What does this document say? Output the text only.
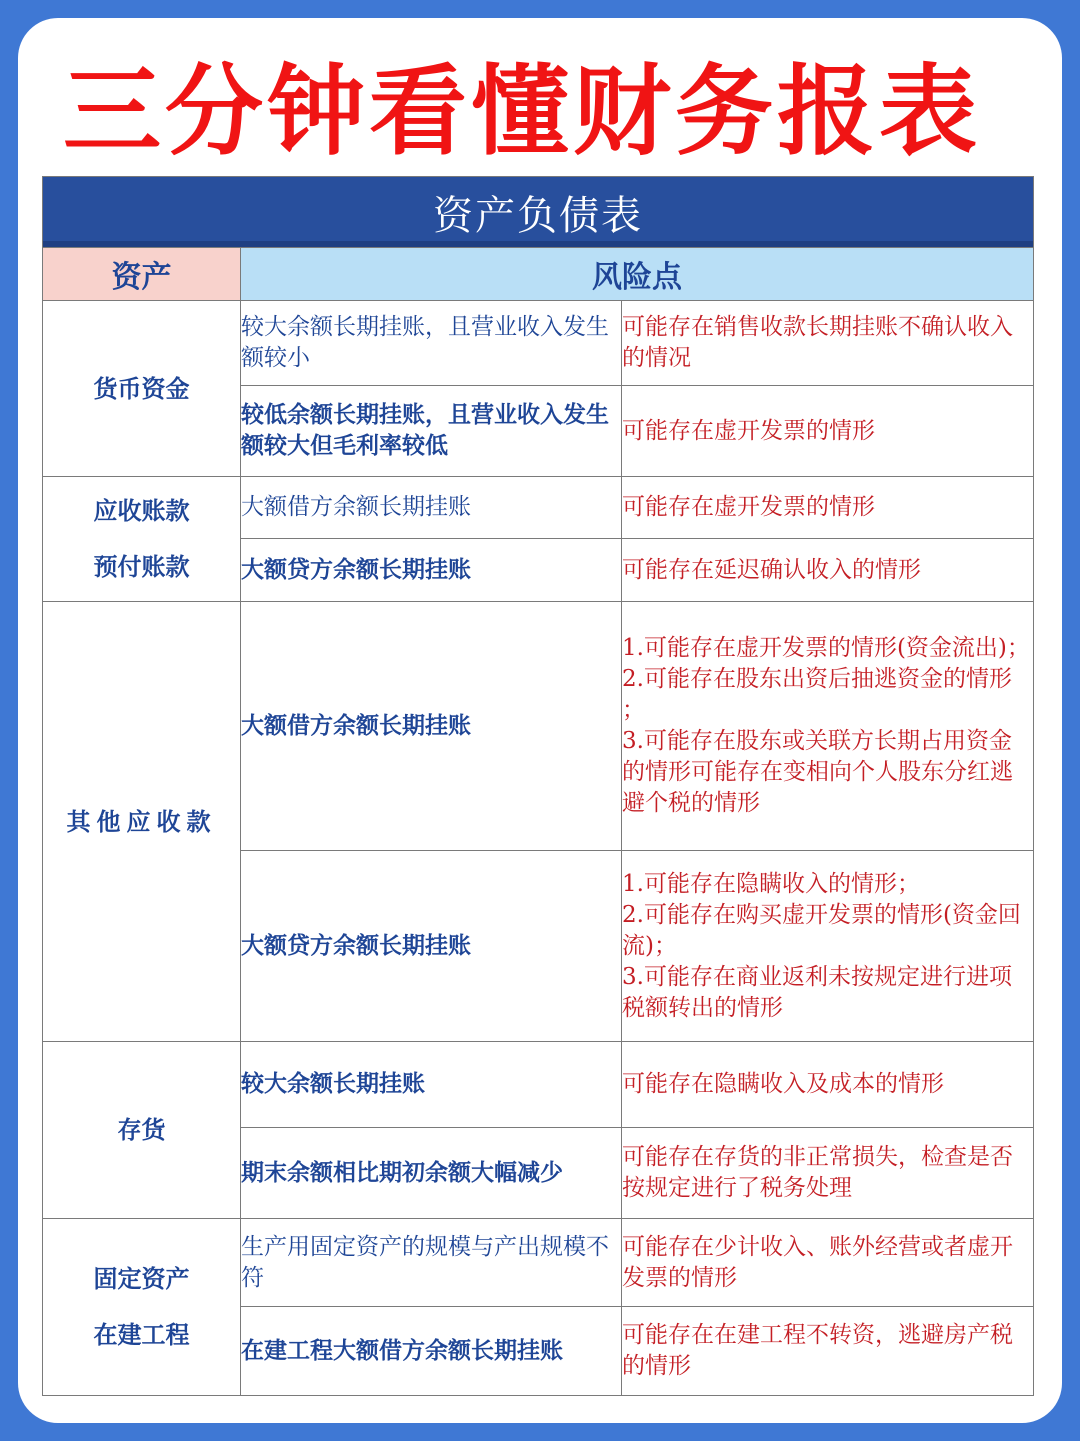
三分钟看懂财务报表
资产负债表		
资产	风险点	
货币资金	较大余额长期挂账，且营业收入发生额较小	可能存在销售收款长期挂账不确认收入的情况
	较低余额长期挂账，且营业收入发生额较大但毛利率较低	可能存在虚开发票的情形

应收账款
预付账款	大额借方余额长期挂账	可能存在虚开发票的情形
	大额贷方余额长期挂账	可能存在延迟确认收入的情形
其他应收款	大额借方余额长期挂账	1.可能存在虚开发票的情形(资金流出)；
2.可能存在股东出资后抽逃资金的情形 ；
3.可能存在股东或关联方长期占用资金的情形可能存在变相向个人股东分红逃避个税的情形

	大额贷方余额长期挂账	1.可能存在隐瞒收入的情形；
2.可能存在购买虚开发票的情形(资金回流)；
3.可能存在商业返利未按规定进行进项税额转出的情形

存货	较大余额长期挂账	可能存在隐瞒收入及成本的情形
	期末余额相比期初余额大幅减少	可能存在存货的非正常损失，检查是否按规定进行了税务处理

固定资产
在建工程	生产用固定资产的规模与产出规模不符	可能存在少计收入、账外经营或者虚开发票的情形
	在建工程大额借方余额长期挂账	可能存在在建工程不转资，逃避房产税的情形
